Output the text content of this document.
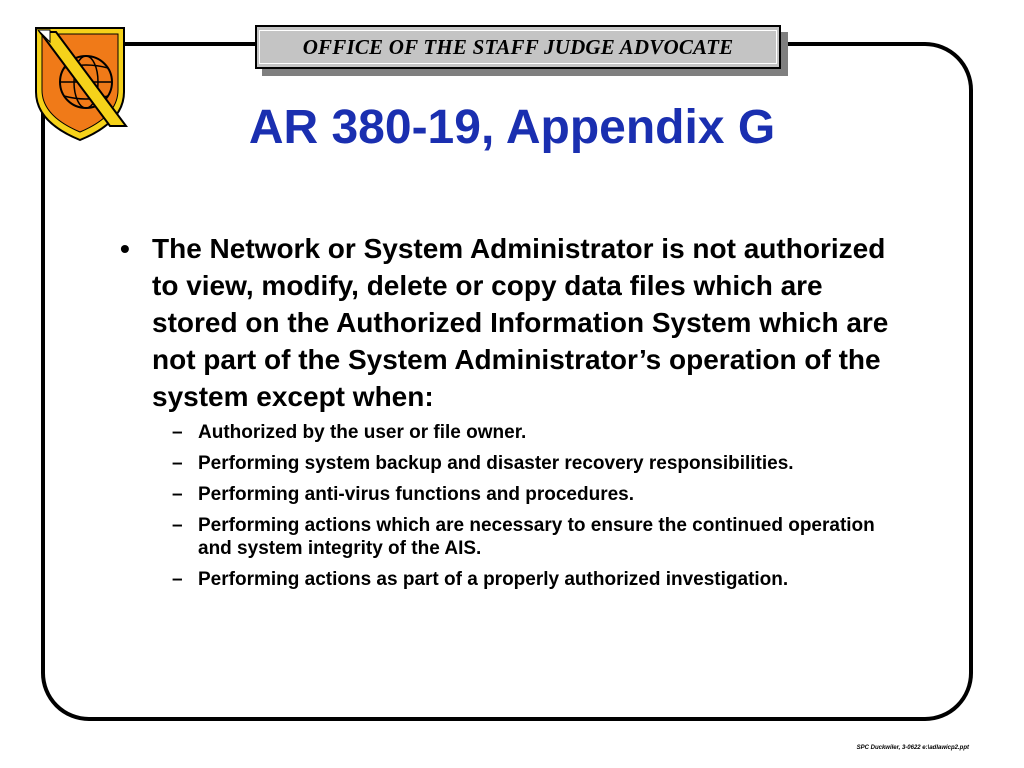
OFFICE OF THE STAFF JUDGE ADVOCATE
AR 380-19, Appendix G
• The Network or System Administrator is not authorized to view, modify, delete or copy data files which are stored on the Authorized Information System which are not part of the System Administrator’s operation of the system except when:
– Authorized by the user or file owner.
– Performing system backup and disaster recovery responsibilities.
– Performing anti-virus functions and procedures.
– Performing actions which are necessary to ensure the continued operation and system integrity of the AIS.
– Performing actions as part of a properly authorized investigation.
SPC Duckwiler, 3-0622 e:\adlawicp2.ppt
